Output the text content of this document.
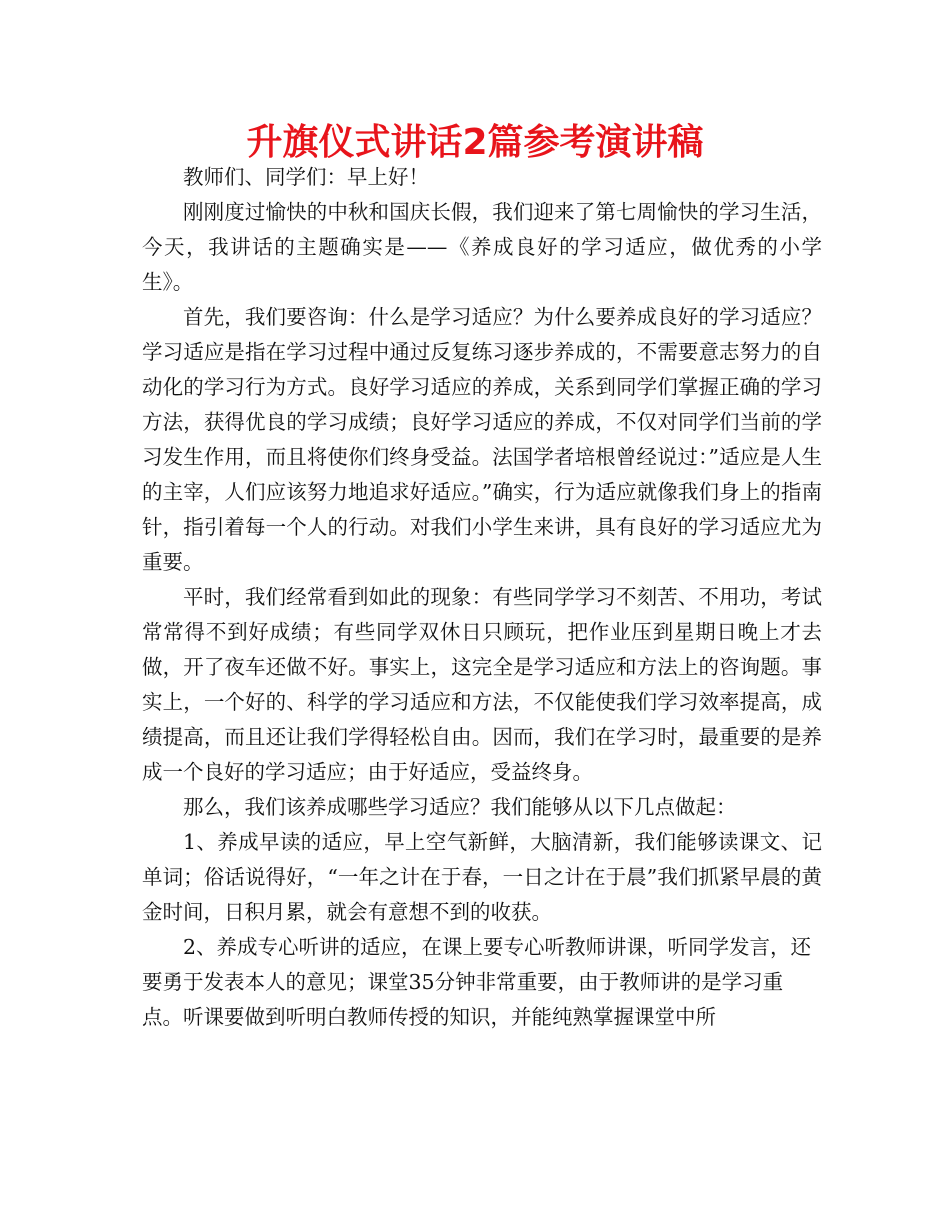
升旗仪式讲话2篇参考演讲稿

教师们、同学们：早上好！

刚刚度过愉快的中秋和国庆长假，我们迎来了第七周愉快的学习生活，今天，我讲话的主题确实是——《养成良好的学习适应，做优秀的小学生》。

首先，我们要咨询：什么是学习适应？为什么要养成良好的学习适应？学习适应是指在学习过程中通过反复练习逐步养成的，不需要意志努力的自动化的学习行为方式。良好学习适应的养成，关系到同学们掌握正确的学习方法，获得优良的学习成绩；良好学习适应的养成，不仅对同学们当前的学习发生作用，而且将使你们终身受益。法国学者培根曾经说过：”适应是人生的主宰，人们应该努力地追求好适应。”确实，行为适应就像我们身上的指南针，指引着每一个人的行动。对我们小学生来讲，具有良好的学习适应尤为重要。

平时，我们经常看到如此的现象：有些同学学习不刻苦、不用功，考试常常得不到好成绩；有些同学双休日只顾玩，把作业压到星期日晚上才去做，开了夜车还做不好。事实上，这完全是学习适应和方法上的咨询题。事实上，一个好的、科学的学习适应和方法，不仅能使我们学习效率提高，成绩提高，而且还让我们学得轻松自由。因而，我们在学习时，最重要的是养成一个良好的学习适应；由于好适应，受益终身。

那么，我们该养成哪些学习适应？我们能够从以下几点做起：

1、养成早读的适应，早上空气新鲜，大脑清新，我们能够读课文、记单词；俗话说得好，“一年之计在于春，一日之计在于晨”我们抓紧早晨的黄金时间，日积月累，就会有意想不到的收获。

2、养成专心听讲的适应，在课上要专心听教师讲课，听同学发言，还要勇于发表本人的意见；课堂35分钟非常重要，由于教师讲的是学习重点。听课要做到听明白教师传授的知识，并能纯熟掌握课堂中所
